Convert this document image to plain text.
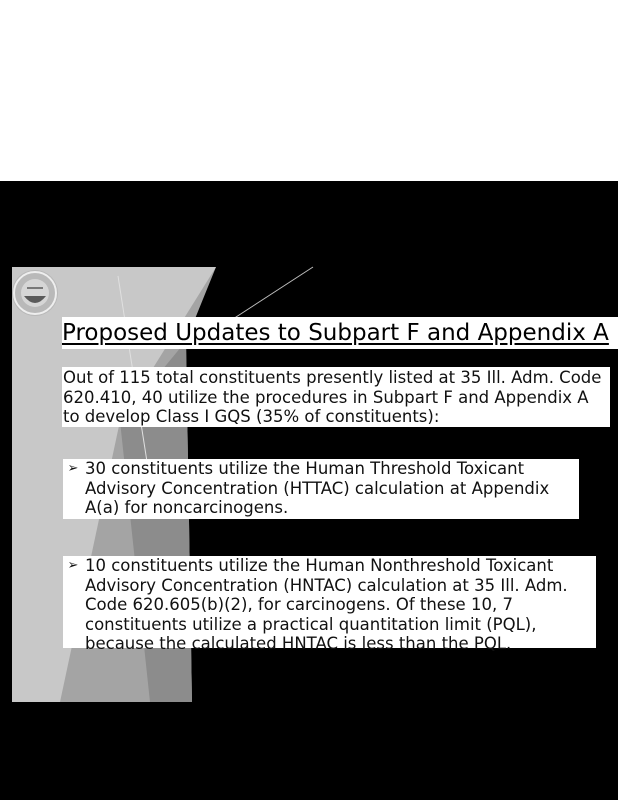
Proposed Updates to Subpart F and Appendix A
Out of 115 total constituents presently listed at 35 Ill. Adm. Code 620.410, 40 utilize the procedures in Subpart F and Appendix A to develop Class I GQS (35% of constituents):
➢ 30 constituents utilize the Human Threshold Toxicant Advisory Concentration (HTTAC) calculation at Appendix A(a) for noncarcinogens.
➢ 10 constituents utilize the Human Nonthreshold Toxicant Advisory Concentration (HNTAC) calculation at 35 Ill. Adm. Code 620.605(b)(2), for carcinogens. Of these 10, 7 constituents utilize a practical quantitation limit (PQL), because the calculated HNTAC is less than the PQL.
